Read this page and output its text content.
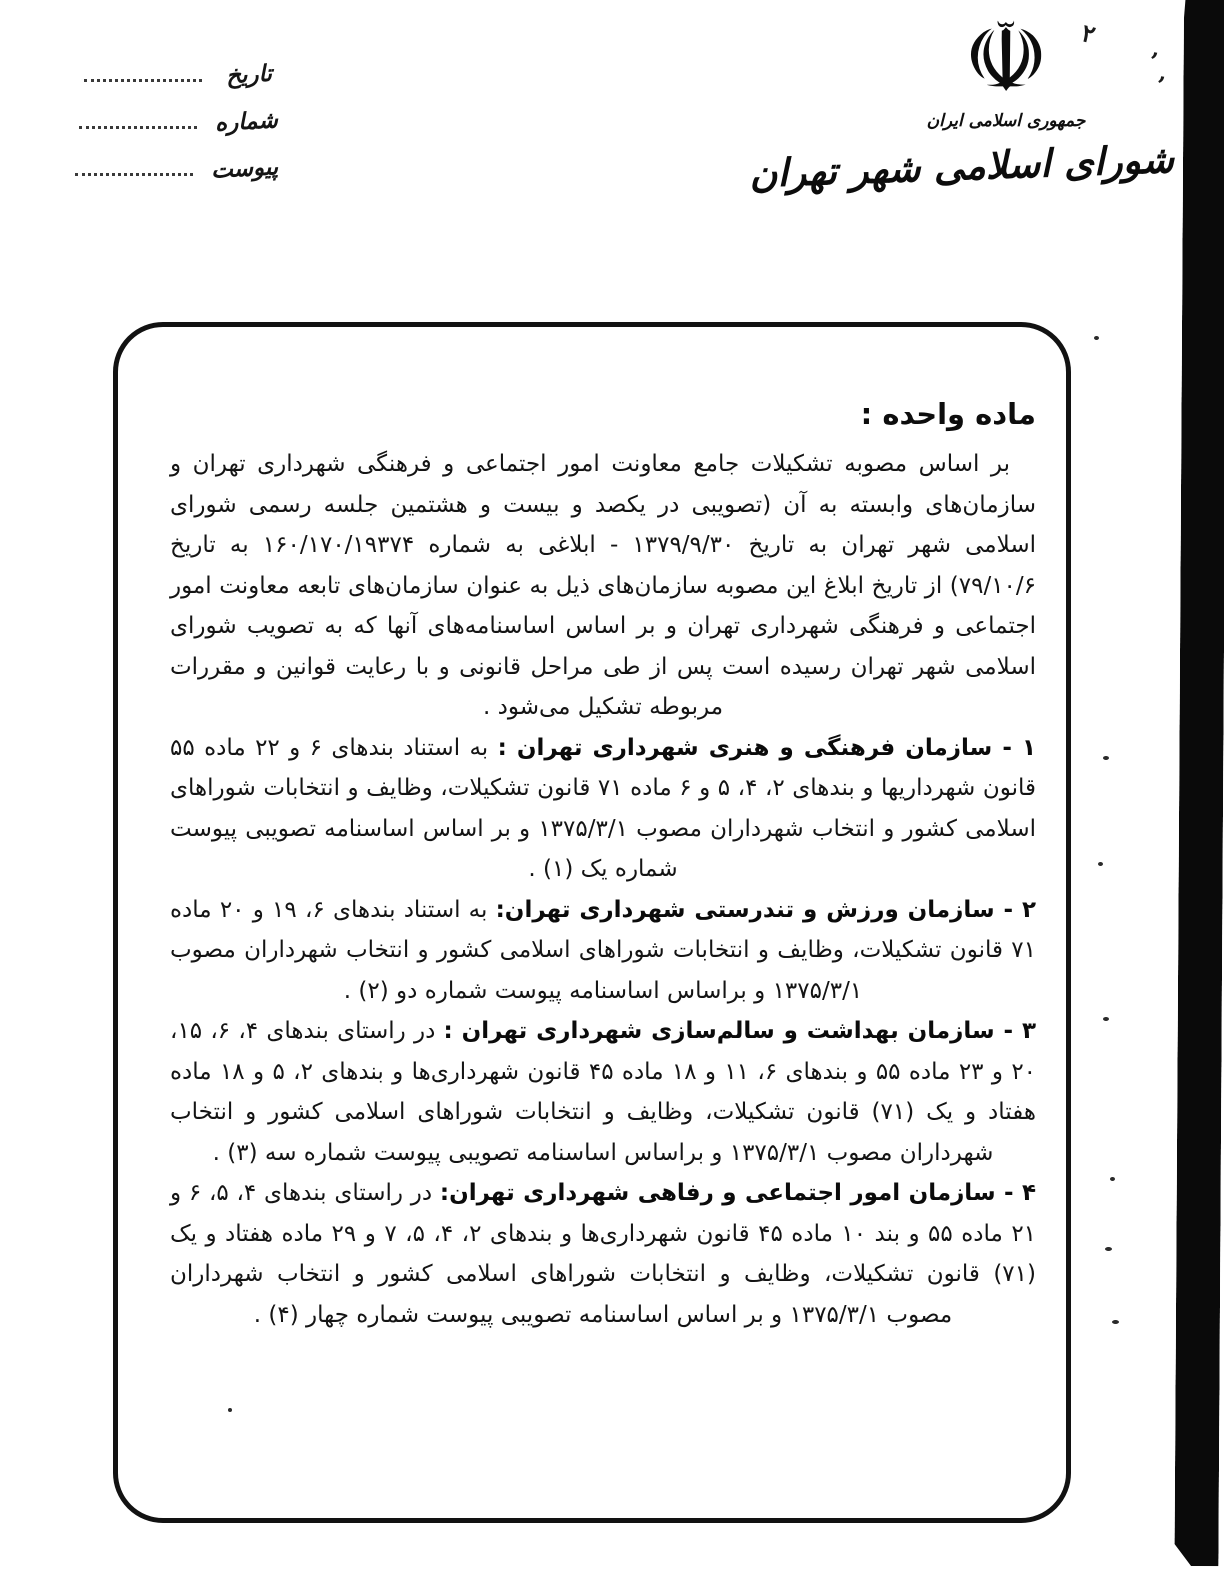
تاریخ
شماره
پیوست
☫
جمهوری اسلامی ایران
شورای اسلامی شهر تهران
٢
ʼ
ʼ
ماده واحده :

بر اساس مصوبه تشکیلات جامع معاونت امور اجتماعی و فرهنگی شهرداری تهران و سازمان‌های وابسته به آن (تصویبی در یکصد و بیست و هشتمین جلسه رسمی شورای اسلامی شهر تهران به تاریخ ۱۳۷۹/۹/۳۰ - ابلاغی به شماره ۱۶۰/۱۷۰/۱۹۳۷۴ به تاریخ ۷۹/۱۰/۶) از تاریخ ابلاغ این مصوبه سازمان‌های ذیل به عنوان سازمان‌های تابعه معاونت امور اجتماعی و فرهنگی شهرداری تهران و بر اساس اساسنامه‌های آنها که به تصویب شورای اسلامی شهر تهران رسیده است پس از طی مراحل قانونی و با رعایت قوانین و مقررات مربوطه تشکیل می‌شود .

۱ - سازمان فرهنگی و هنری شهرداری تهران : به استناد بندهای ۶ و ۲۲ ماده ۵۵ قانون شهرداریها و بندهای ۲، ۴، ۵ و ۶ ماده ۷۱ قانون تشکیلات، وظایف و انتخابات شوراهای اسلامی کشور و انتخاب شهرداران مصوب ۱۳۷۵/۳/۱ و بر اساس اساسنامه تصویبی پیوست شماره یک (۱) .

۲ - سازمان ورزش و تندرستی شهرداری تهران: به استناد بندهای ۶، ۱۹ و ۲۰ ماده ۷۱ قانون تشکیلات، وظایف و انتخابات شوراهای اسلامی کشور و انتخاب شهرداران مصوب ۱۳۷۵/۳/۱ و براساس اساسنامه پیوست شماره دو (۲) .

۳ - سازمان بهداشت و سالم‌سازی شهرداری تهران : در راستای بندهای ۴، ۶، ۱۵، ۲۰ و ۲۳ ماده ۵۵ و بندهای ۶، ۱۱ و ۱۸ ماده ۴۵ قانون شهرداری‌ها و بندهای ۲، ۵ و ۱۸ ماده هفتاد و یک (۷۱) قانون تشکیلات، وظایف و انتخابات شوراهای اسلامی کشور و انتخاب شهرداران مصوب ۱۳۷۵/۳/۱ و براساس اساسنامه تصویبی پیوست شماره سه (۳) .

۴ - سازمان امور اجتماعی و رفاهی شهرداری تهران: در راستای بندهای ۴، ۵، ۶ و ۲۱ ماده ۵۵ و بند ۱۰ ماده ۴۵ قانون شهرداری‌ها و بندهای ۲، ۴، ۵، ۷ و ۲۹ ماده هفتاد و یک (۷۱) قانون تشکیلات، وظایف و انتخابات شوراهای اسلامی کشور و انتخاب شهرداران مصوب ۱۳۷۵/۳/۱ و بر اساس اساسنامه تصویبی پیوست شماره چهار (۴) .
